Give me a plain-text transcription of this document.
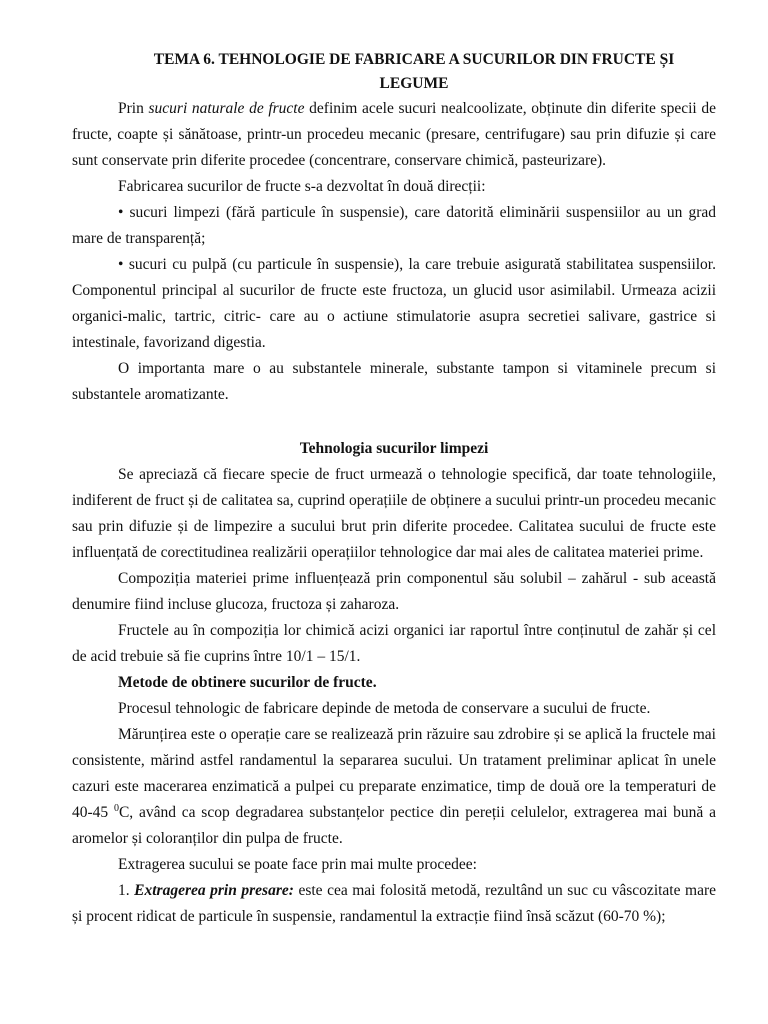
TEMA 6. TEHNOLOGIE DE FABRICARE A SUCURILOR DIN FRUCTE ȘI
LEGUME

Prin sucuri naturale de fructe definim acele sucuri nealcoolizate, obținute din diferite specii de fructe, coapte și sănătoase, printr-un procedeu mecanic (presare, centrifugare) sau prin difuzie și care sunt conservate prin diferite procedee (concentrare, conservare chimică, pasteurizare).

Fabricarea sucurilor de fructe s-a dezvoltat în două direcții:

• sucuri limpezi (fără particule în suspensie), care datorită eliminării suspensiilor au un grad mare de transparență;

• sucuri cu pulpă (cu particule în suspensie), la care trebuie asigurată stabilitatea suspensiilor. Componentul principal al sucurilor de fructe este fructoza, un glucid usor asimilabil. Urmeaza acizii organici-malic, tartric, citric- care au o actiune stimulatorie asupra secretiei salivare, gastrice si intestinale, favorizand digestia.

O importanta mare o au substantele minerale, substante tampon si vitaminele precum si substantele aromatizante.

Tehnologia sucurilor limpezi

Se apreciază că fiecare specie de fruct urmează o tehnologie specifică, dar toate tehnologiile, indiferent de fruct și de calitatea sa, cuprind operațiile de obținere a sucului printr-un procedeu mecanic sau prin difuzie și de limpezire a sucului brut prin diferite procedee. Calitatea sucului de fructe este influențată de corectitudinea realizării operațiilor tehnologice dar mai ales de calitatea materiei prime.

Compoziția materiei prime influențează prin componentul său solubil – zahărul - sub această denumire fiind incluse glucoza, fructoza și zaharoza.

Fructele au în compoziția lor chimică acizi organici iar raportul între conținutul de zahăr și cel de acid trebuie să fie cuprins între 10/1 – 15/1.

Metode de obtinere sucurilor de fructe.

Procesul tehnologic de fabricare depinde de metoda de conservare a sucului de fructe.

Mărunțirea este o operație care se realizează prin răzuire sau zdrobire și se aplică la fructele mai consistente, mărind astfel randamentul la separarea sucului. Un tratament preliminar aplicat în unele cazuri este macerarea enzimatică a pulpei cu preparate enzimatice, timp de două ore la temperaturi de 40-45 $^0$C, având ca scop degradarea substanțelor pectice din pereții celulelor, extragerea mai bună a aromelor și coloranților din pulpa de fructe.

Extragerea sucului se poate face prin mai multe procedee:

1. Extragerea prin presare: este cea mai folosită metodă, rezultând un suc cu vâscozitate mare și procent ridicat de particule în suspensie, randamentul la extracție fiind însă scăzut (60-70 %);
